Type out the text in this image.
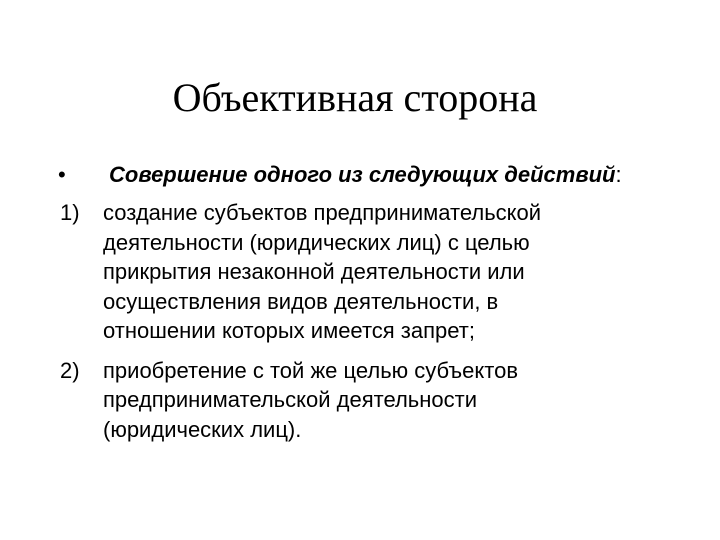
Объективная сторона
• Совершение одного из следующих действий:
1) создание субъектов предпринимательской
деятельности (юридических лиц) с целью
прикрытия незаконной деятельности или
осуществления видов деятельности, в
отношении которых имеется запрет;
2) приобретение с той же целью субъектов
предпринимательской деятельности
(юридических лиц).
